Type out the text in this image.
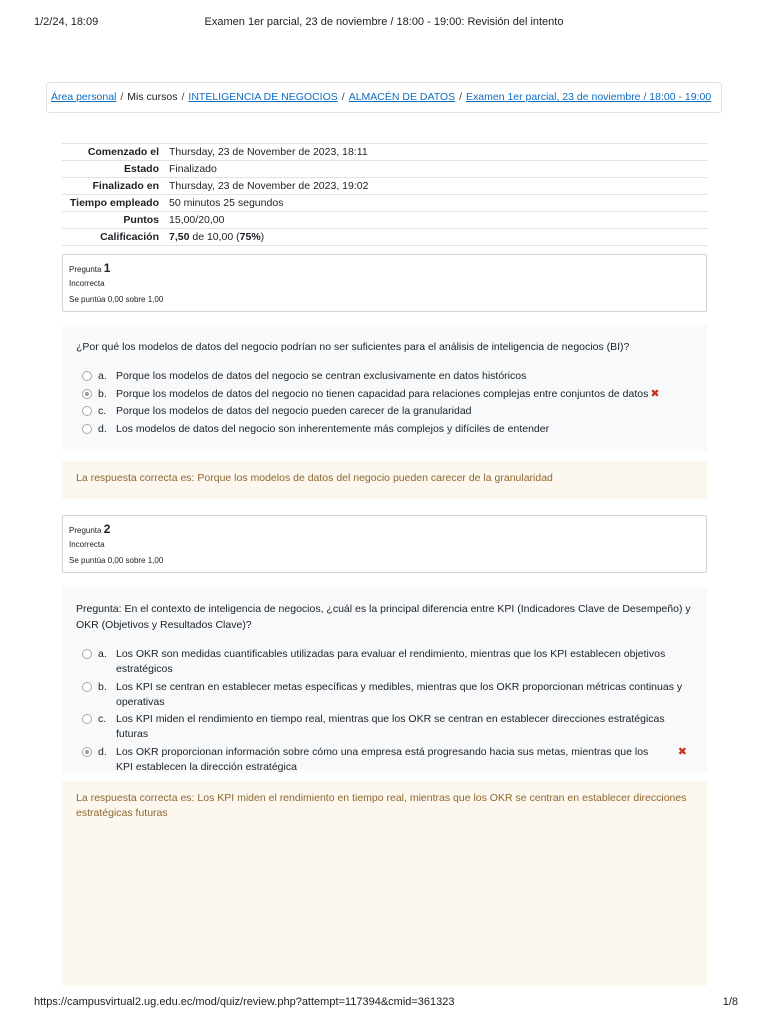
1/2/24, 18:09	Examen 1er parcial, 23 de noviembre / 18:00 - 19:00: Revisión del intento
Área personal / Mis cursos / INTELIGENCIA DE NEGOCIOS / ALMACÉN DE DATOS / Examen 1er parcial, 23 de noviembre / 18:00 - 19:00
Comenzado el	Thursday, 23 de November de 2023, 18:11
Estado	Finalizado
Finalizado en	Thursday, 23 de November de 2023, 19:02
Tiempo empleado	50 minutos 25 segundos
Puntos	15,00/20,00
Calificación	7,50 de 10,00 (75%)
Pregunta 1
Incorrecta
Se puntúa 0,00 sobre 1,00
¿Por qué los modelos de datos del negocio podrían no ser suficientes para el análisis de inteligencia de negocios (BI)?
a. Porque los modelos de datos del negocio se centran exclusivamente en datos históricos
b. Porque los modelos de datos del negocio no tienen capacidad para relaciones complejas entre conjuntos de datos ✖
c. Porque los modelos de datos del negocio pueden carecer de la granularidad
d. Los modelos de datos del negocio son inherentemente más complejos y difíciles de entender
La respuesta correcta es: Porque los modelos de datos del negocio pueden carecer de la granularidad
Pregunta 2
Incorrecta
Se puntúa 0,00 sobre 1,00
Pregunta: En el contexto de inteligencia de negocios, ¿cuál es la principal diferencia entre KPI (Indicadores Clave de Desempeño) y OKR (Objetivos y Resultados Clave)?
a. Los OKR son medidas cuantificables utilizadas para evaluar el rendimiento, mientras que los KPI establecen objetivos estratégicos
b. Los KPI se centran en establecer metas específicas y medibles, mientras que los OKR proporcionan métricas continuas y operativas
c. Los KPI miden el rendimiento en tiempo real, mientras que los OKR se centran en establecer direcciones estratégicas futuras
d. Los OKR proporcionan información sobre cómo una empresa está progresando hacia sus metas, mientras que los KPI establecen la dirección estratégica
✖
La respuesta correcta es: Los KPI miden el rendimiento en tiempo real, mientras que los OKR se centran en establecer direcciones estratégicas futuras
https://campusvirtual2.ug.edu.ec/mod/quiz/review.php?attempt=117394&cmid=361323	1/8
